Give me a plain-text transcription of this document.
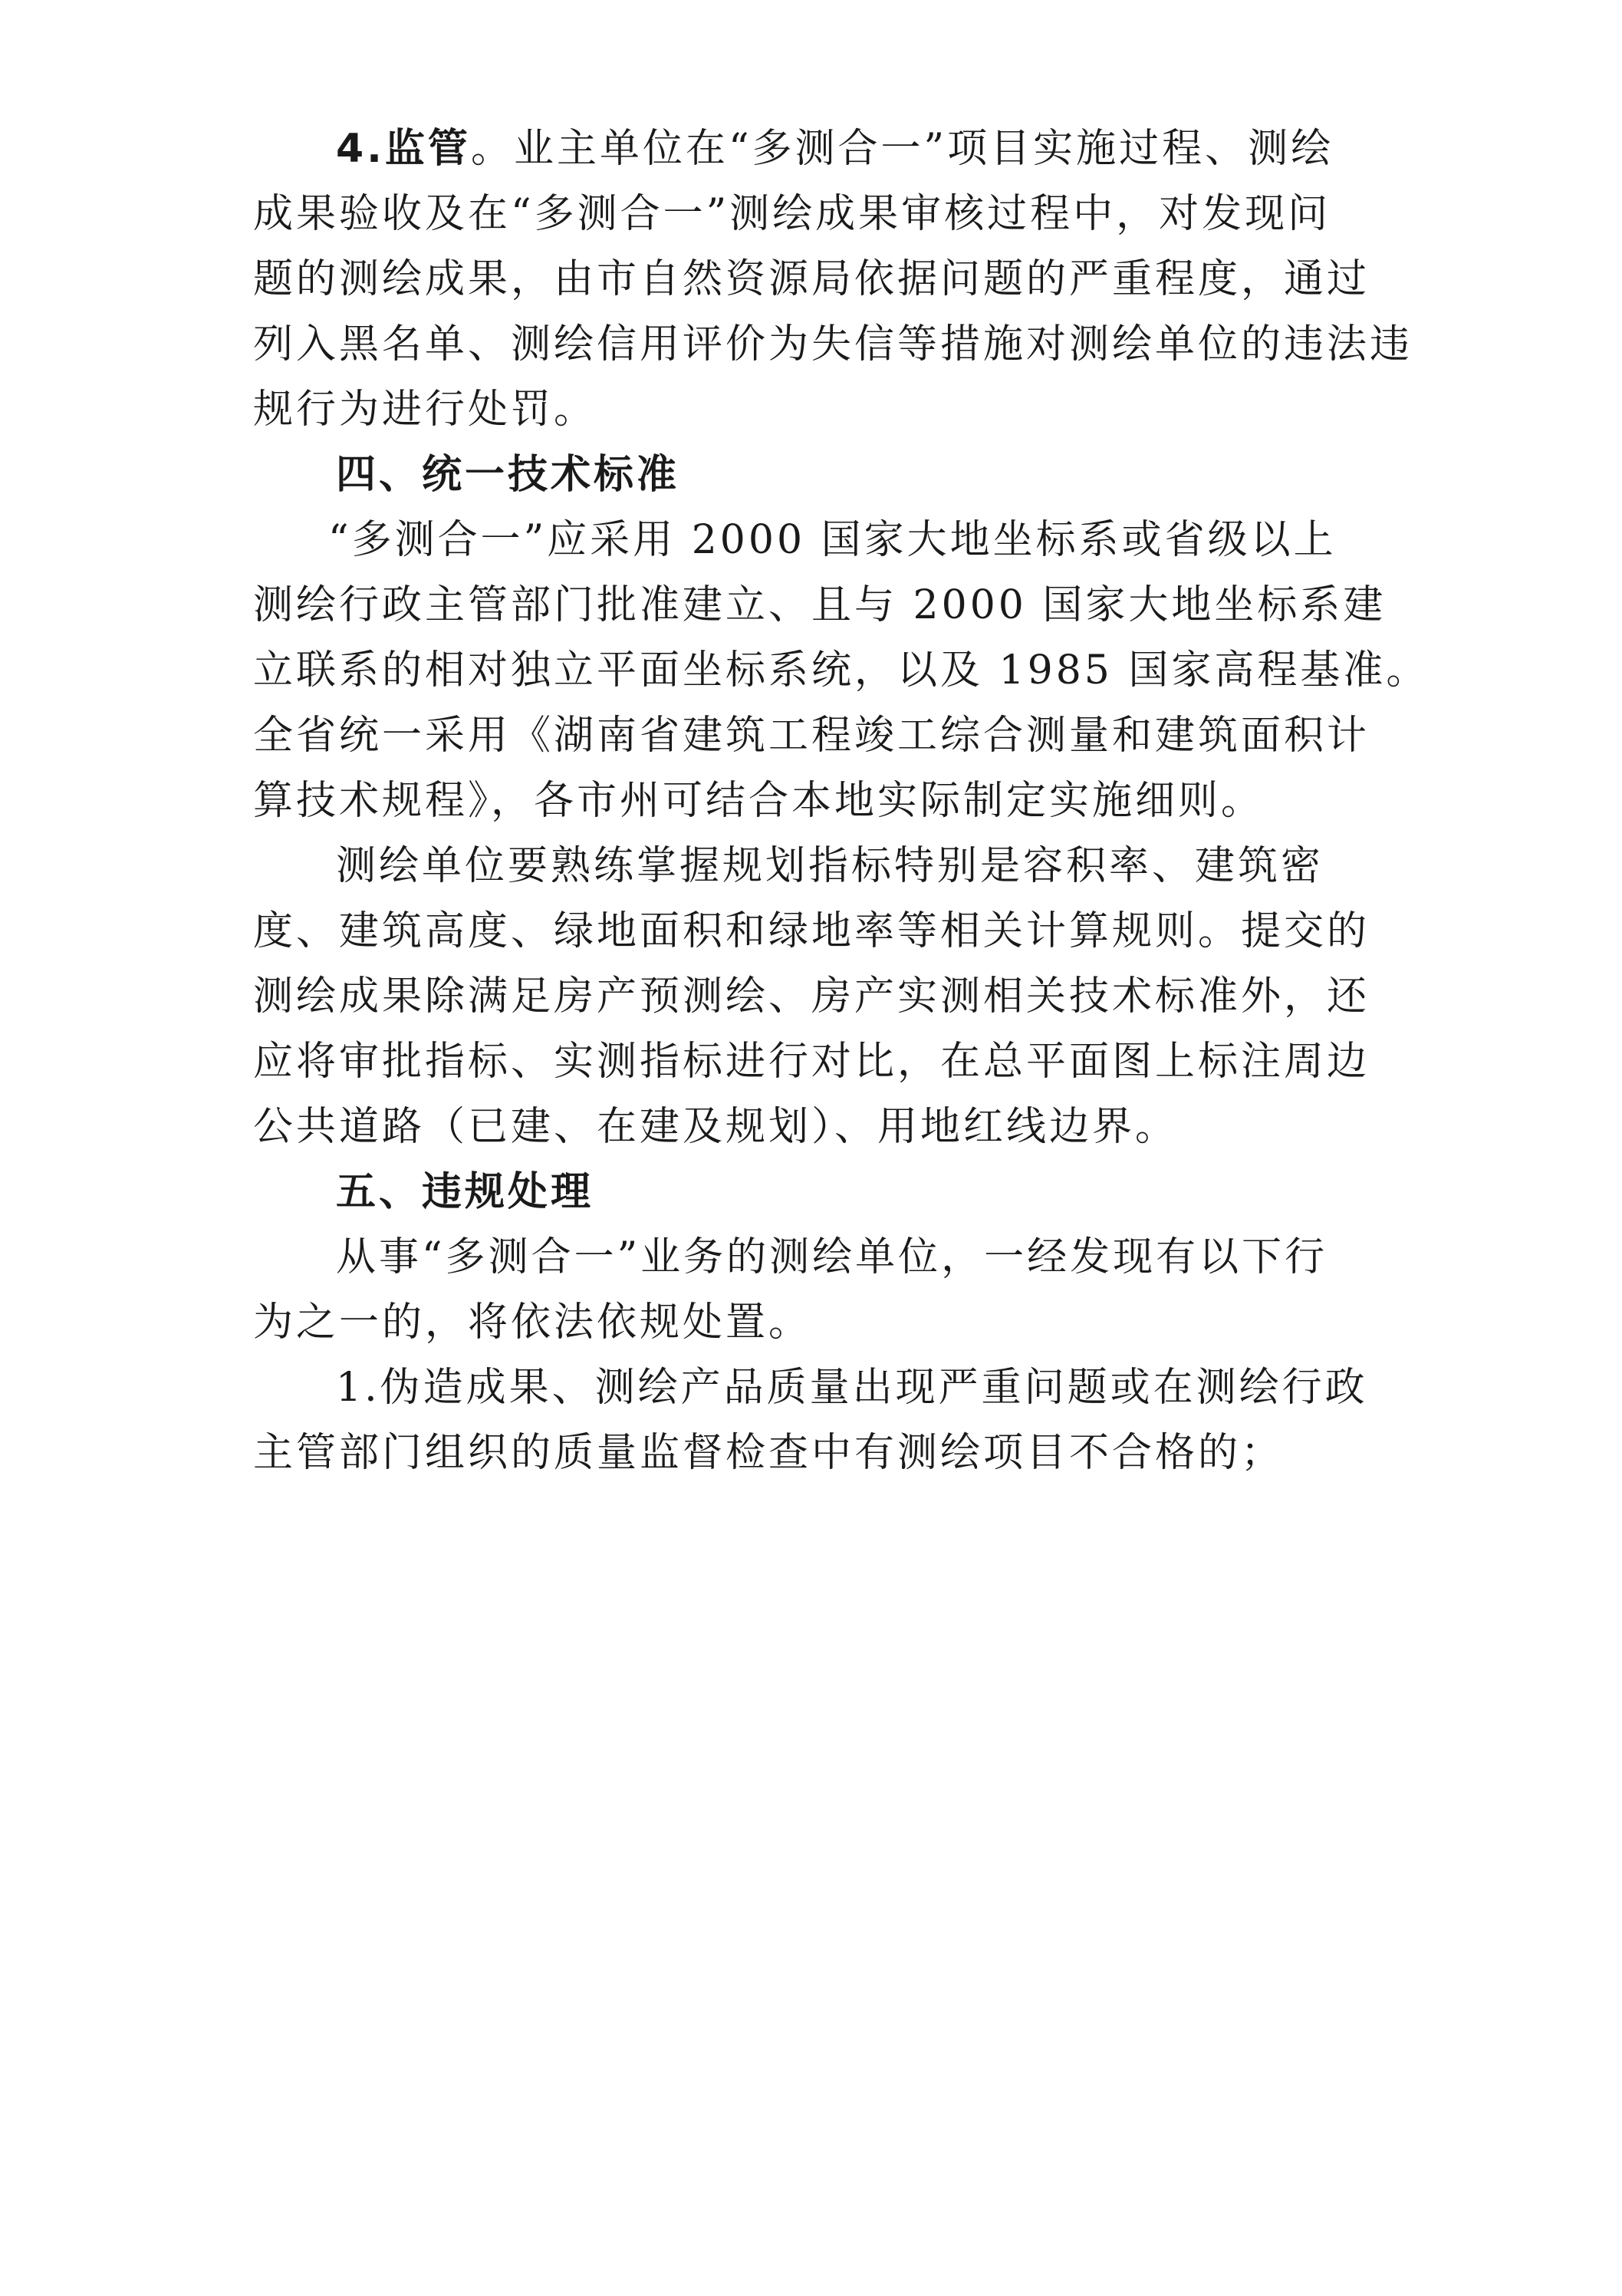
4.监管。业主单位在“多测合一”项目实施过程、测绘
成果验收及在“多测合一”测绘成果审核过程中，对发现问
题的测绘成果，由市自然资源局依据问题的严重程度，通过
列入黑名单、测绘信用评价为失信等措施对测绘单位的违法违
规行为进行处罚。
四、统一技术标准
“多测合一”应采用 2000 国家大地坐标系或省级以上
测绘行政主管部门批准建立、且与 2000 国家大地坐标系建
立联系的相对独立平面坐标系统，以及 1985 国家高程基准。
全省统一采用《湖南省建筑工程竣工综合测量和建筑面积计
算技术规程》，各市州可结合本地实际制定实施细则。
测绘单位要熟练掌握规划指标特别是容积率、建筑密
度、建筑高度、绿地面积和绿地率等相关计算规则。提交的
测绘成果除满足房产预测绘、房产实测相关技术标准外，还
应将审批指标、实测指标进行对比，在总平面图上标注周边
公共道路（已建、在建及规划）、用地红线边界。
五、违规处理
从事“多测合一”业务的测绘单位，一经发现有以下行
为之一的，将依法依规处置。
1.伪造成果、测绘产品质量出现严重问题或在测绘行政
主管部门组织的质量监督检查中有测绘项目不合格的；
